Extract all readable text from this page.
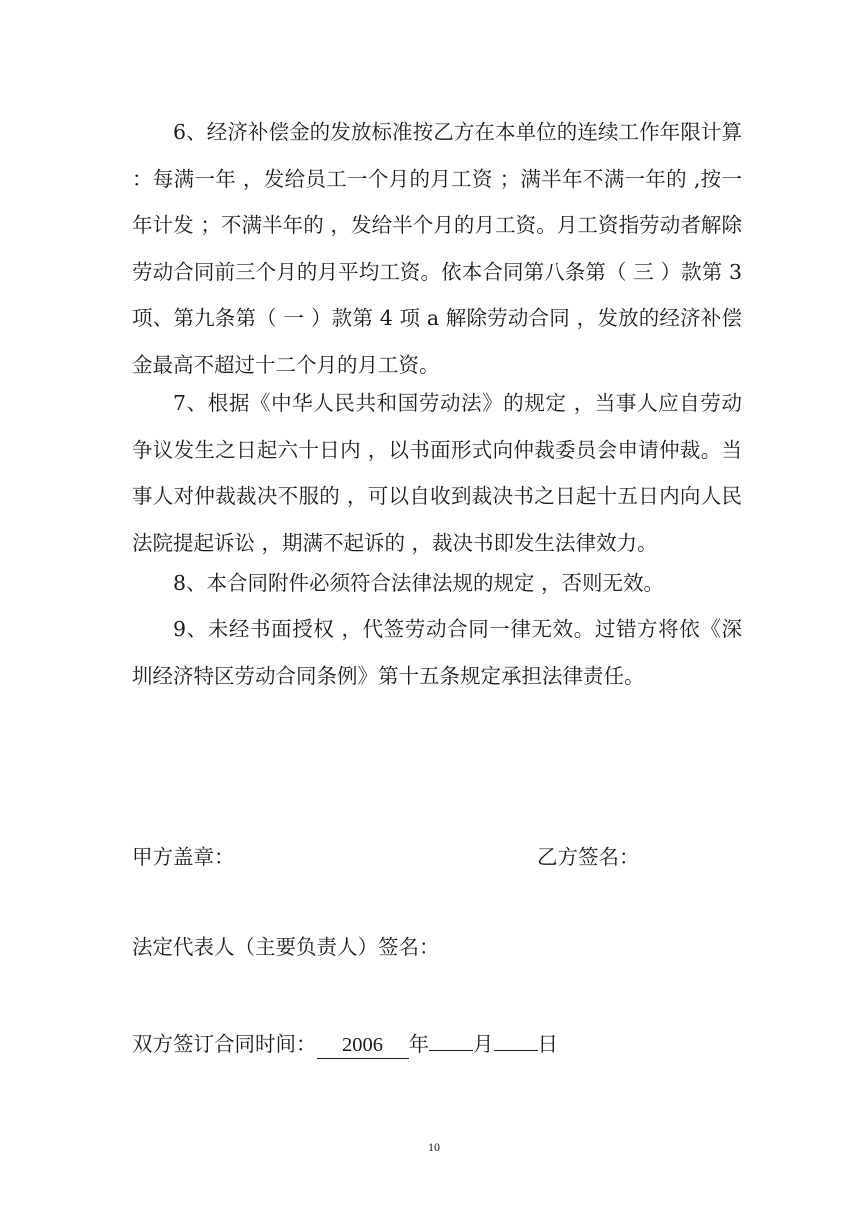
6、经济补偿金的发放标准按乙方在本单位的连续工作年限计算 ：每满一年 ，发给员工一个月的月工资 ；满半年不满一年的 ,按一年计发 ；不满半年的 ，发给半个月的月工资。月工资指劳动者解除劳动合同前三个月的月平均工资。依本合同第八条第（ 三 ）款第 3 项、第九条第（ 一 ）款第 4 项 a 解除劳动合同 ，发放的经济补偿金最高不超过十二个月的月工资。

7、根据《中华人民共和国劳动法》的规定 ，当事人应自劳动争议发生之日起六十日内 ，以书面形式向仲裁委员会申请仲裁。当事人对仲裁裁决不服的 ，可以自收到裁决书之日起十五日内向人民法院提起诉讼 ，期满不起诉的 ，裁决书即发生法律效力。

8、本合同附件必须符合法律法规的规定 ，否则无效。

9、未经书面授权 ，代签劳动合同一律无效。过错方将依《深圳经济特区劳动合同条例》第十五条规定承担法律责任。

甲方盖章：	乙方签名：
法定代表人（主要负责人）签名：
双方签订合同时间： 2006 年 月 日
10
